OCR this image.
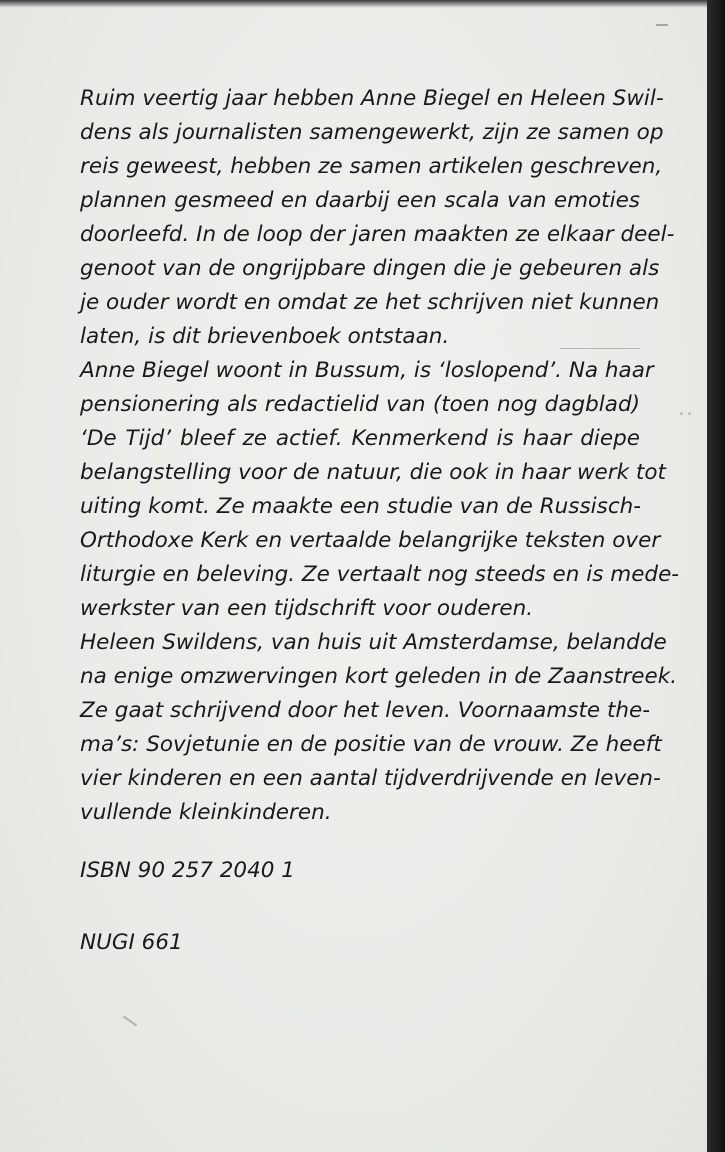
Ruim veertig jaar hebben Anne Biegel en Heleen Swil-
dens als journalisten samengewerkt, zijn ze samen op
reis geweest, hebben ze samen artikelen geschreven,
plannen gesmeed en daarbij een scala van emoties
doorleefd. In de loop der jaren maakten ze elkaar deel-
genoot van de ongrijpbare dingen die je gebeuren als
je ouder wordt en omdat ze het schrijven niet kunnen
laten, is dit brievenboek ontstaan.

Anne Biegel woont in Bussum, is ‘loslopend’. Na haar
pensionering als redactielid van (toen nog dagblad)
‘De Tijd’ bleef ze actief. Kenmerkend is haar diepe
belangstelling voor de natuur, die ook in haar werk tot
uiting komt. Ze maakte een studie van de Russisch-
Orthodoxe Kerk en vertaalde belangrijke teksten over
liturgie en beleving. Ze vertaalt nog steeds en is mede-
werkster van een tijdschrift voor ouderen.

Heleen Swildens, van huis uit Amsterdamse, belandde
na enige omzwervingen kort geleden in de Zaanstreek.
Ze gaat schrijvend door het leven. Voornaamste the-
ma’s: Sovjetunie en de positie van de vrouw. Ze heeft
vier kinderen en een aantal tijdverdrijvende en leven-
vullende kleinkinderen.

ISBN 90 257 2040 1
NUGI 661
